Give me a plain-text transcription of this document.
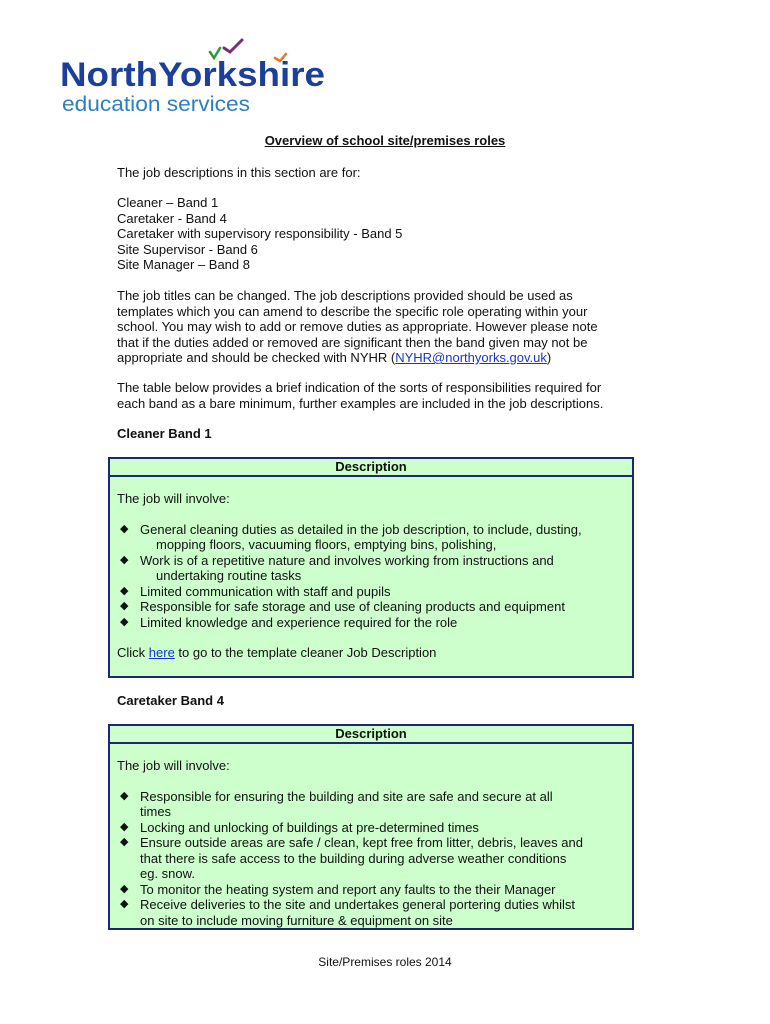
NorthYorkshire
education services
Overview of school site/premises roles
The job descriptions in this section are for:

Cleaner – Band 1

Caretaker - Band 4

Caretaker with supervisory responsibility - Band 5

Site Supervisor - Band 6

Site Manager – Band 8

The job titles can be changed. The job descriptions provided should be used as

templates which you can amend to describe the specific role operating within your

school. You may wish to add or remove duties as appropriate. However please note

that if the duties added or removed are significant then the band given may not be

appropriate and should be checked with NYHR (NYHR@northyorks.gov.uk)

The table below provides a brief indication of the sorts of responsibilities required for

each band as a bare minimum, further examples are included in the job descriptions.

Cleaner Band 1
Description
The job will involve:
◆ General cleaning duties as detailed in the job description, to include, dusting,
mopping floors, vacuuming floors, emptying bins, polishing,
◆ Work is of a repetitive nature and involves working from instructions and
undertaking routine tasks
◆ Limited communication with staff and pupils
◆ Responsible for safe storage and use of cleaning products and equipment
◆ Limited knowledge and experience required for the role
Click here to go to the template cleaner Job Description
Caretaker Band 4
Description
The job will involve:
◆ Responsible for ensuring the building and site are safe and secure at all
times
◆ Locking and unlocking of buildings at pre-determined times
◆ Ensure outside areas are safe / clean, kept free from litter, debris, leaves and
that there is safe access to the building during adverse weather conditions
eg. snow.
◆ To monitor the heating system and report any faults to the their Manager
◆ Receive deliveries to the site and undertakes general portering duties whilst
on site to include moving furniture & equipment on site
Site/Premises roles 2014
